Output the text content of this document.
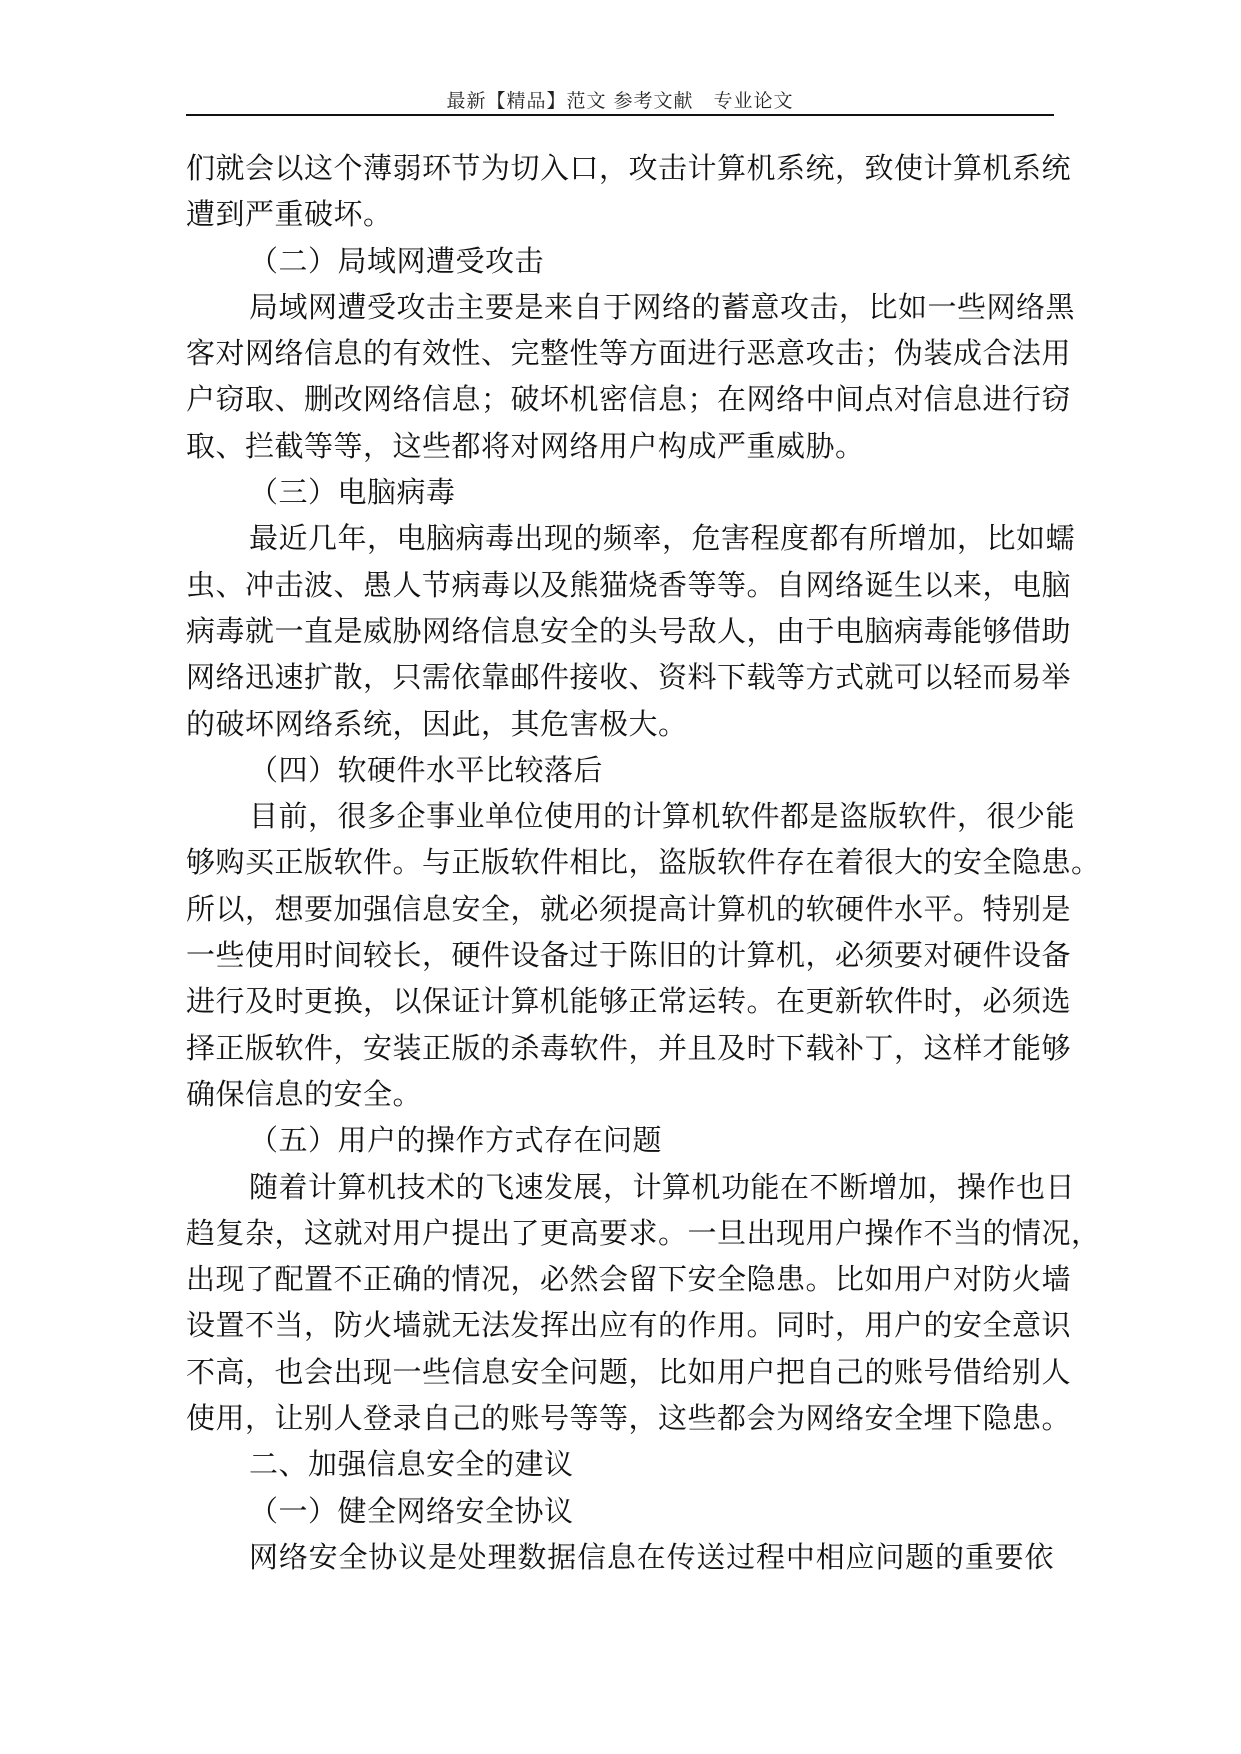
最新【精品】范文 参考文献　专业论文
们就会以这个薄弱环节为切入口，攻击计算机系统，致使计算机系统
遭到严重破坏。
（二）局域网遭受攻击
局域网遭受攻击主要是来自于网络的蓄意攻击，比如一些网络黑
客对网络信息的有效性、完整性等方面进行恶意攻击；伪装成合法用
户窃取、删改网络信息；破坏机密信息；在网络中间点对信息进行窃
取、拦截等等，这些都将对网络用户构成严重威胁。
（三）电脑病毒
最近几年，电脑病毒出现的频率，危害程度都有所增加，比如蠕
虫、冲击波、愚人节病毒以及熊猫烧香等等。自网络诞生以来，电脑
病毒就一直是威胁网络信息安全的头号敌人，由于电脑病毒能够借助
网络迅速扩散，只需依靠邮件接收、资料下载等方式就可以轻而易举
的破坏网络系统，因此，其危害极大。
（四）软硬件水平比较落后
目前，很多企事业单位使用的计算机软件都是盗版软件，很少能
够购买正版软件。与正版软件相比，盗版软件存在着很大的安全隐患。
所以，想要加强信息安全，就必须提高计算机的软硬件水平。特别是
一些使用时间较长，硬件设备过于陈旧的计算机，必须要对硬件设备
进行及时更换，以保证计算机能够正常运转。在更新软件时，必须选
择正版软件，安装正版的杀毒软件，并且及时下载补丁，这样才能够
确保信息的安全。
（五）用户的操作方式存在问题
随着计算机技术的飞速发展，计算机功能在不断增加，操作也日
趋复杂，这就对用户提出了更高要求。一旦出现用户操作不当的情况，
出现了配置不正确的情况，必然会留下安全隐患。比如用户对防火墙
设置不当，防火墙就无法发挥出应有的作用。同时，用户的安全意识
不高，也会出现一些信息安全问题，比如用户把自己的账号借给别人
使用，让别人登录自己的账号等等，这些都会为网络安全埋下隐患。
二、加强信息安全的建议
（一）健全网络安全协议
网络安全协议是处理数据信息在传送过程中相应问题的重要依
